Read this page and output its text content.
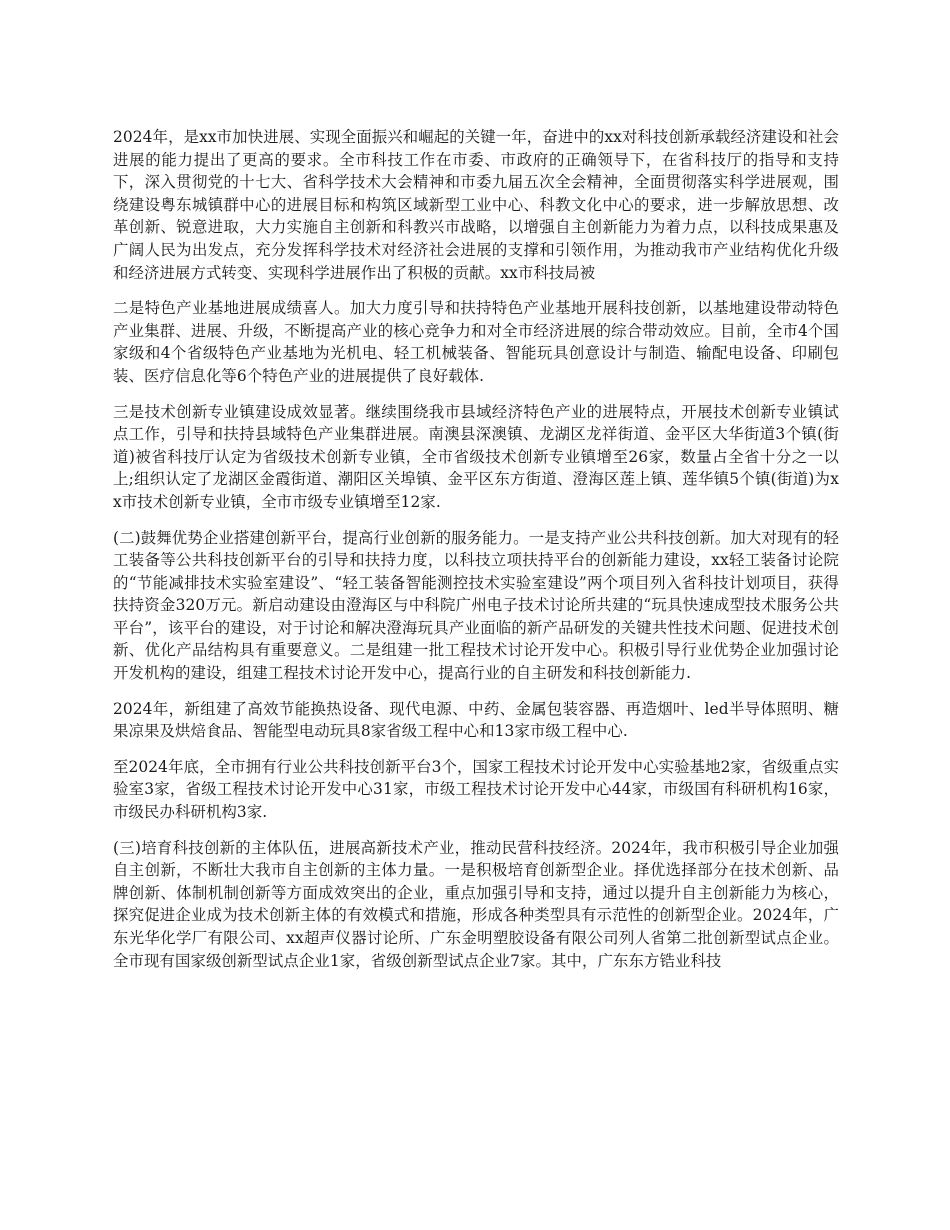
2024年，是xx市加快进展、实现全面振兴和崛起的关键一年，奋进中的xx对科技创新承载经济建设和社会进展的能力提出了更高的要求。全市科技工作在市委、市政府的正确领导下，在省科技厅的指导和支持下，深入贯彻党的十七大、省科学技术大会精神和市委九届五次全会精神，全面贯彻落实科学进展观，围绕建设粤东城镇群中心的进展目标和构筑区域新型工业中心、科教文化中心的要求，进一步解放思想、改革创新、锐意进取，大力实施自主创新和科教兴市战略，以增强自主创新能力为着力点，以科技成果惠及广阔人民为出发点，充分发挥科学技术对经济社会进展的支撑和引领作用，为推动我市产业结构优化升级和经济进展方式转变、实现科学进展作出了积极的贡献。xx市科技局被

二是特色产业基地进展成绩喜人。加大力度引导和扶持特色产业基地开展科技创新，以基地建设带动特色产业集群、进展、升级，不断提高产业的核心竞争力和对全市经济进展的综合带动效应。目前，全市4个国家级和4个省级特色产业基地为光机电、轻工机械装备、智能玩具创意设计与制造、输配电设备、印刷包装、医疗信息化等6个特色产业的进展提供了良好载体.

三是技术创新专业镇建设成效显著。继续围绕我市县域经济特色产业的进展特点，开展技术创新专业镇试点工作，引导和扶持县域特色产业集群进展。南澳县深澳镇、龙湖区龙祥街道、金平区大华街道3个镇(街道)被省科技厅认定为省级技术创新专业镇，全市省级技术创新专业镇增至26家，数量占全省十分之一以上;组织认定了龙湖区金霞街道、潮阳区关埠镇、金平区东方街道、澄海区莲上镇、莲华镇5个镇(街道)为xx市技术创新专业镇，全市市级专业镇增至12家.

(二)鼓舞优势企业搭建创新平台，提高行业创新的服务能力。一是支持产业公共科技创新。加大对现有的轻工装备等公共科技创新平台的引导和扶持力度，以科技立项扶持平台的创新能力建设，xx轻工装备讨论院的“节能减排技术实验室建设”、“轻工装备智能测控技术实验室建设”两个项目列入省科技计划项目，获得扶持资金320万元。新启动建设由澄海区与中科院广州电子技术讨论所共建的“玩具快速成型技术服务公共平台”，该平台的建设，对于讨论和解决澄海玩具产业面临的新产品研发的关键共性技术问题、促进技术创新、优化产品结构具有重要意义。二是组建一批工程技术讨论开发中心。积极引导行业优势企业加强讨论开发机构的建设，组建工程技术讨论开发中心，提高行业的自主研发和科技创新能力.

2024年，新组建了高效节能换热设备、现代电源、中药、金属包装容器、再造烟叶、led半导体照明、糖果凉果及烘焙食品、智能型电动玩具8家省级工程中心和13家市级工程中心.

至2024年底，全市拥有行业公共科技创新平台3个，国家工程技术讨论开发中心实验基地2家，省级重点实验室3家，省级工程技术讨论开发中心31家，市级工程技术讨论开发中心44家，市级国有科研机构16家，市级民办科研机构3家.

(三)培育科技创新的主体队伍，进展高新技术产业，推动民营科技经济。2024年，我市积极引导企业加强自主创新，不断壮大我市自主创新的主体力量。一是积极培育创新型企业。择优选择部分在技术创新、品牌创新、体制机制创新等方面成效突出的企业，重点加强引导和支持，通过以提升自主创新能力为核心，探究促进企业成为技术创新主体的有效模式和措施，形成各种类型具有示范性的创新型企业。2024年，广东光华化学厂有限公司、xx超声仪器讨论所、广东金明塑胶设备有限公司列人省第二批创新型试点企业。全市现有国家级创新型试点企业1家，省级创新型试点企业7家。其中，广东东方锆业科技
